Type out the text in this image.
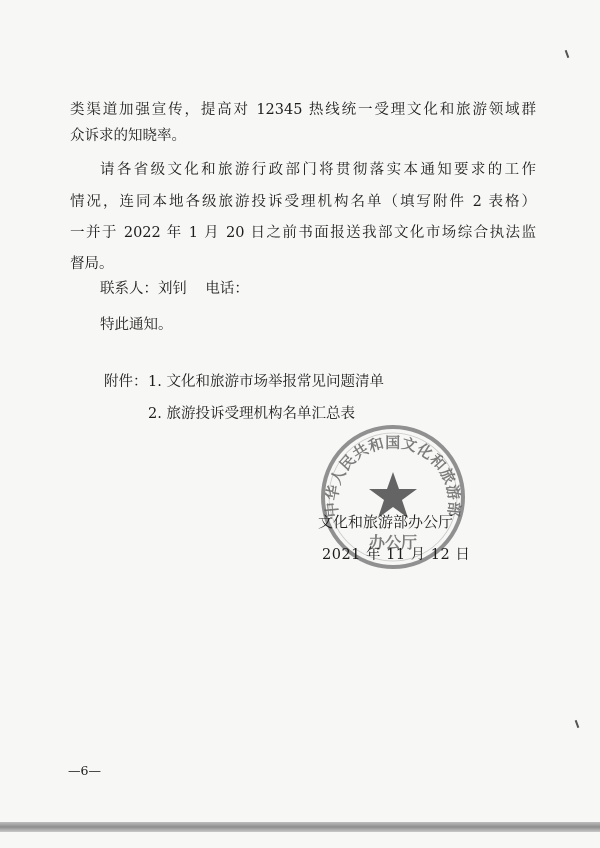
类渠道加强宣传，提高对 12345 热线统一受理文化和旅游领域群
众诉求的知晓率。
请各省级文化和旅游行政部门将贯彻落实本通知要求的工作
情况，连同本地各级旅游投诉受理机构名单（填写附件 2 表格）
一并于 2022 年 1 月 20 日之前书面报送我部文化市场综合执法监
督局。
联系人：刘钊    电话：
特此通知。
附件： 1. 文化和旅游市场举报常见问题清单
2. 旅游投诉受理机构名单汇总表
中华人民共和国文化和旅游部
办公厅
文化和旅游部办公厅
2021 年 11 月 12 日
—6—
